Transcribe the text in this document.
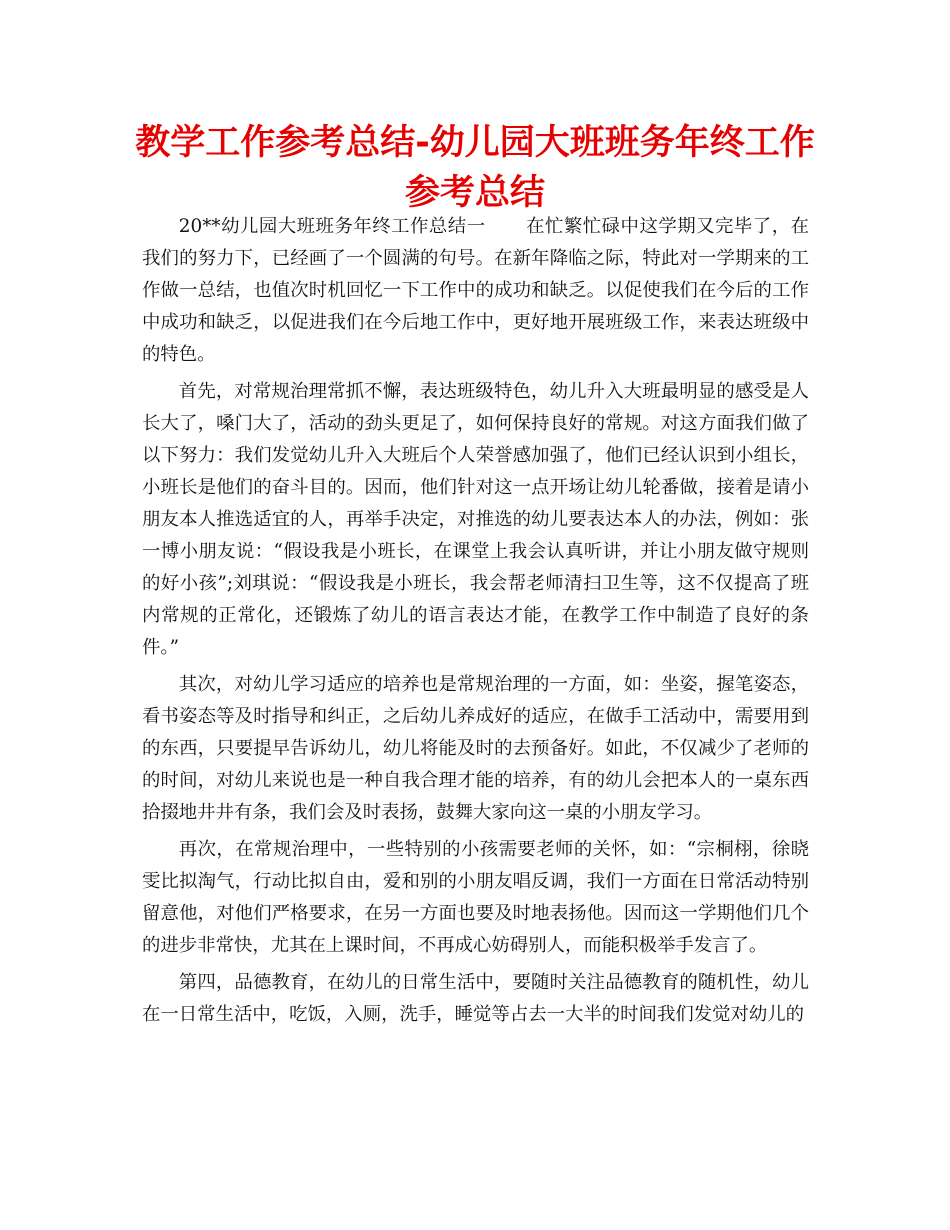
教学工作参考总结-幼儿园大班班务年终工作参考总结

20**幼儿园大班班务年终工作总结一 在忙繁忙碌中这学期又完毕了，在我们的努力下，已经画了一个圆满的句号。在新年降临之际，特此对一学期来的工作做一总结，也值次时机回忆一下工作中的成功和缺乏。以促使我们在今后的工作中成功和缺乏，以促进我们在今后地工作中，更好地开展班级工作，来表达班级中的特色。

首先，对常规治理常抓不懈，表达班级特色，幼儿升入大班最明显的感受是人长大了，嗓门大了，活动的劲头更足了，如何保持良好的常规。对这方面我们做了以下努力：我们发觉幼儿升入大班后个人荣誉感加强了，他们已经认识到小组长，小班长是他们的奋斗目的。因而，他们针对这一点开场让幼儿轮番做，接着是请小朋友本人推选适宜的人，再举手决定，对推选的幼儿要表达本人的办法，例如：张一博小朋友说：“假设我是小班长，在课堂上我会认真听讲，并让小朋友做守规则的好小孩”;刘琪说：“假设我是小班长，我会帮老师清扫卫生等，这不仅提高了班内常规的正常化，还锻炼了幼儿的语言表达才能，在教学工作中制造了良好的条件。”

其次，对幼儿学习适应的培养也是常规治理的一方面，如：坐姿，握笔姿态，看书姿态等及时指导和纠正，之后幼儿养成好的适应，在做手工活动中，需要用到的东西，只要提早告诉幼儿，幼儿将能及时的去预备好。如此，不仅减少了老师的的时间，对幼儿来说也是一种自我合理才能的培养，有的幼儿会把本人的一桌东西拾掇地井井有条，我们会及时表扬，鼓舞大家向这一桌的小朋友学习。

再次，在常规治理中，一些特别的小孩需要老师的关怀，如：“宗桐栩，徐晓雯比拟淘气，行动比拟自由，爱和别的小朋友唱反调，我们一方面在日常活动特别留意他，对他们严格要求，在另一方面也要及时地表扬他。因而这一学期他们几个的进步非常快，尤其在上课时间，不再成心妨碍别人，而能积极举手发言了。

第四，品德教育，在幼儿的日常生活中，要随时关注品德教育的随机性，幼儿在一日常生活中，吃饭，入厕，洗手，睡觉等占去一大半的时间我们发觉对幼儿的
